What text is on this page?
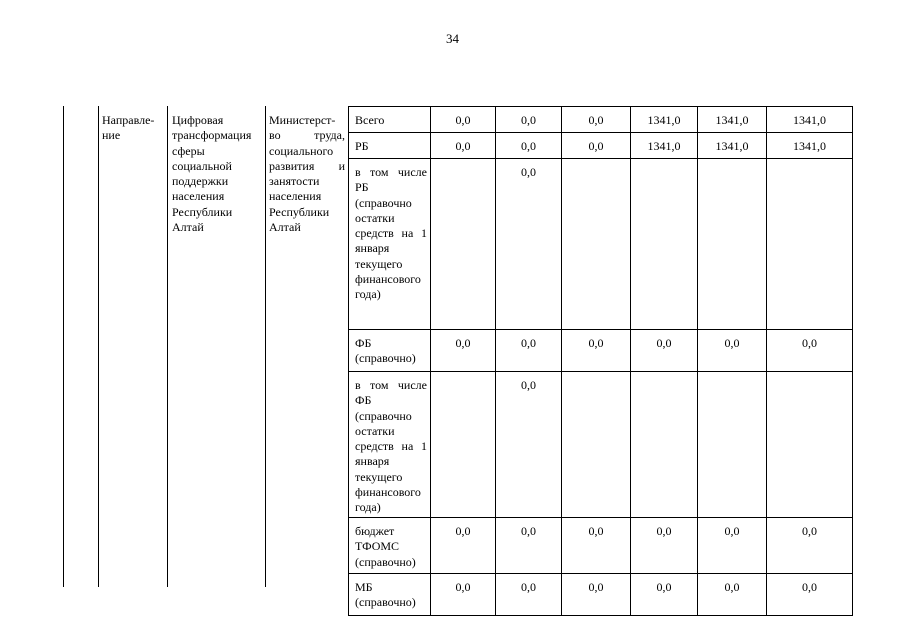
34
Направле-
ние
Цифровая трансформация сферы социальной поддержки населения Республики Алтай
Министерст-
во труда, социального развития и занятости населения Республики Алтай
Всего	0,0	0,0	0,0	1341,0	1341,0	1341,0

РБ	0,0	0,0	0,0	1341,0	1341,0	1341,0

в том числе РБ (справочно остатки средств на 1 января текущего финансового года)		0,0				

ФБ (справочно)	0,0	0,0	0,0	0,0	0,0	0,0

в том числе ФБ (справочно остатки средств на 1 января текущего финансового года)		0,0				

бюджет ТФОМС (справочно)	0,0	0,0	0,0	0,0	0,0	0,0

МБ (справочно)	0,0	0,0	0,0	0,0	0,0	0,0
